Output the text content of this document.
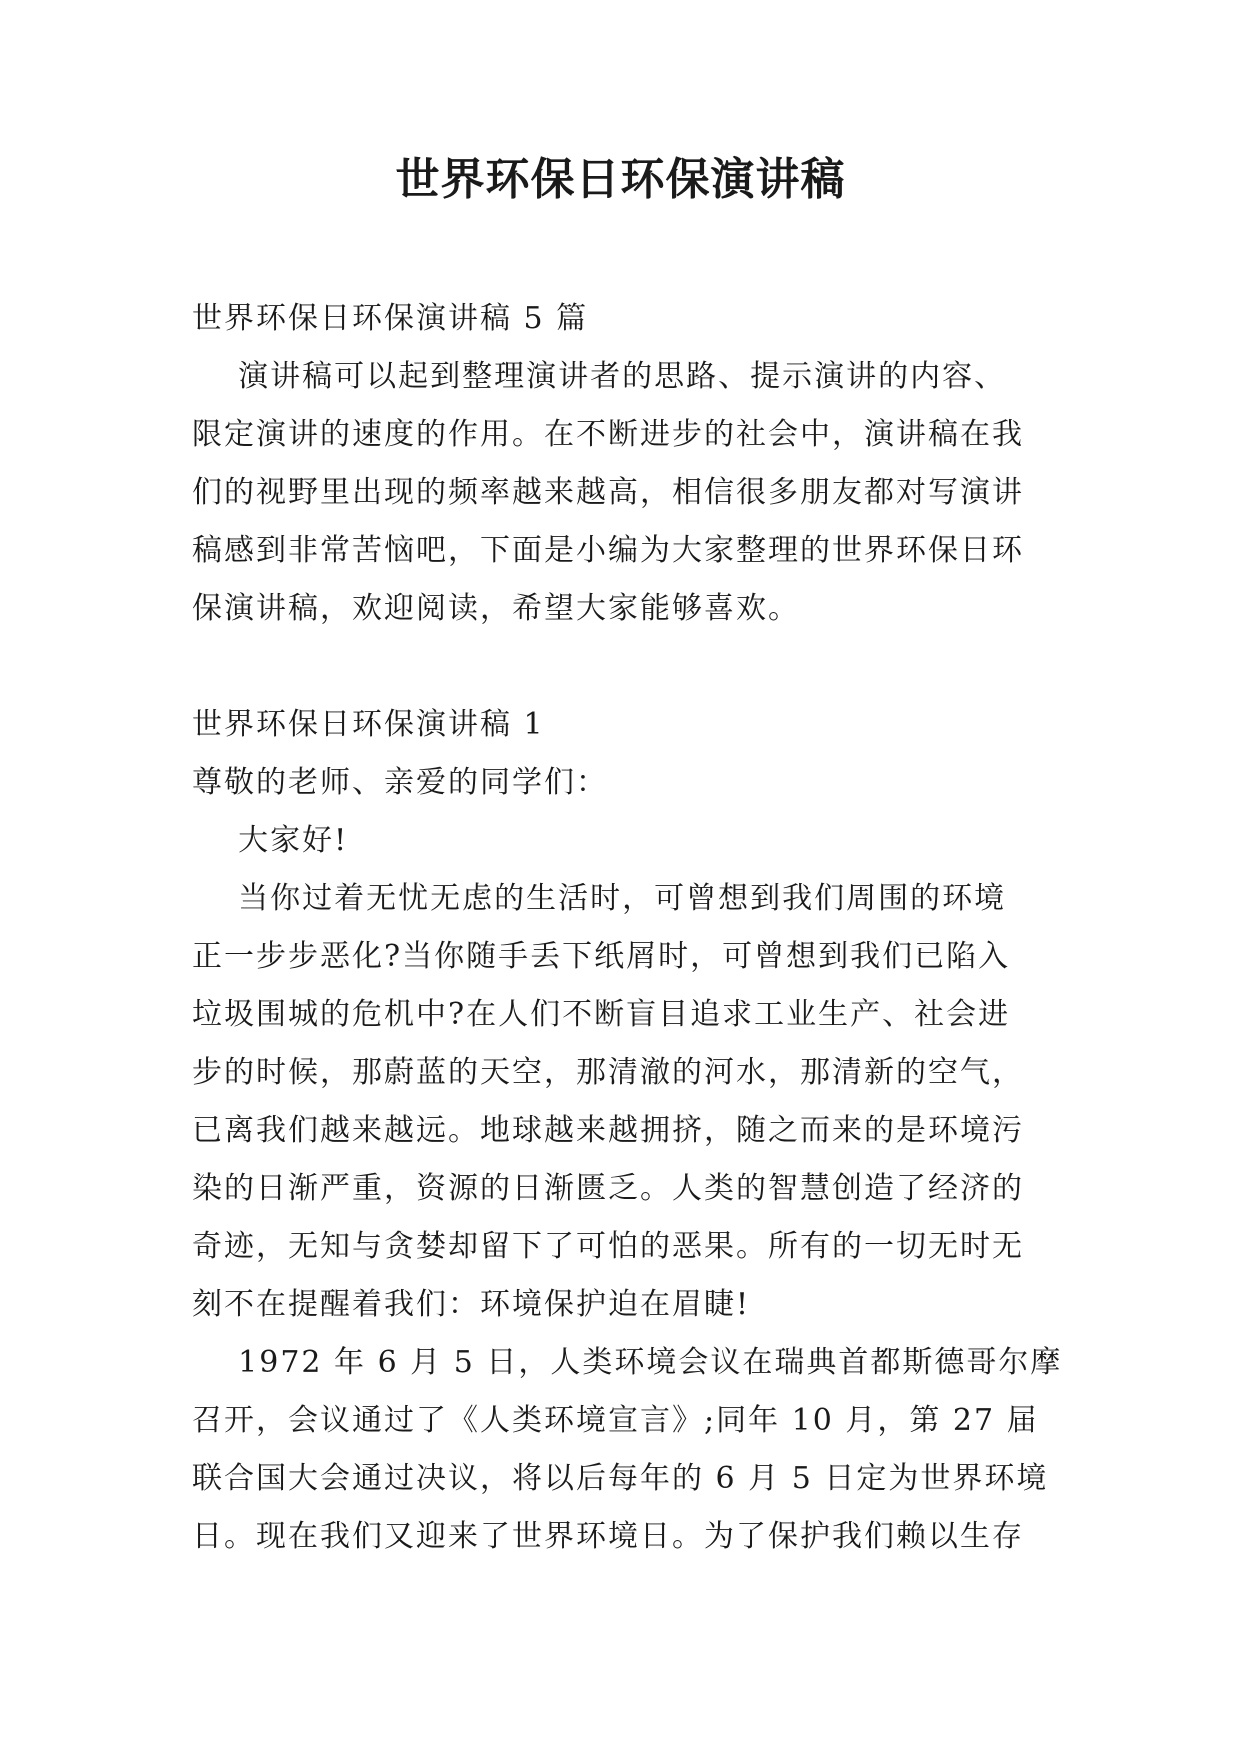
世界环保日环保演讲稿
世界环保日环保演讲稿 5 篇
演讲稿可以起到整理演讲者的思路、提示演讲的内容、
限定演讲的速度的作用。在不断进步的社会中，演讲稿在我
们的视野里出现的频率越来越高，相信很多朋友都对写演讲
稿感到非常苦恼吧，下面是小编为大家整理的世界环保日环
保演讲稿，欢迎阅读，希望大家能够喜欢。
世界环保日环保演讲稿 1
尊敬的老师、亲爱的同学们：
大家好!
当你过着无忧无虑的生活时，可曾想到我们周围的环境
正一步步恶化?当你随手丢下纸屑时，可曾想到我们已陷入
垃圾围城的危机中?在人们不断盲目追求工业生产、社会进
步的时候，那蔚蓝的天空，那清澈的河水，那清新的空气，
已离我们越来越远。地球越来越拥挤，随之而来的是环境污
染的日渐严重，资源的日渐匮乏。人类的智慧创造了经济的
奇迹，无知与贪婪却留下了可怕的恶果。所有的一切无时无
刻不在提醒着我们：环境保护迫在眉睫!
1972 年 6 月 5 日，人类环境会议在瑞典首都斯德哥尔摩
召开，会议通过了《人类环境宣言》;同年 10 月，第 27 届
联合国大会通过决议，将以后每年的 6 月 5 日定为世界环境
日。现在我们又迎来了世界环境日。为了保护我们赖以生存
